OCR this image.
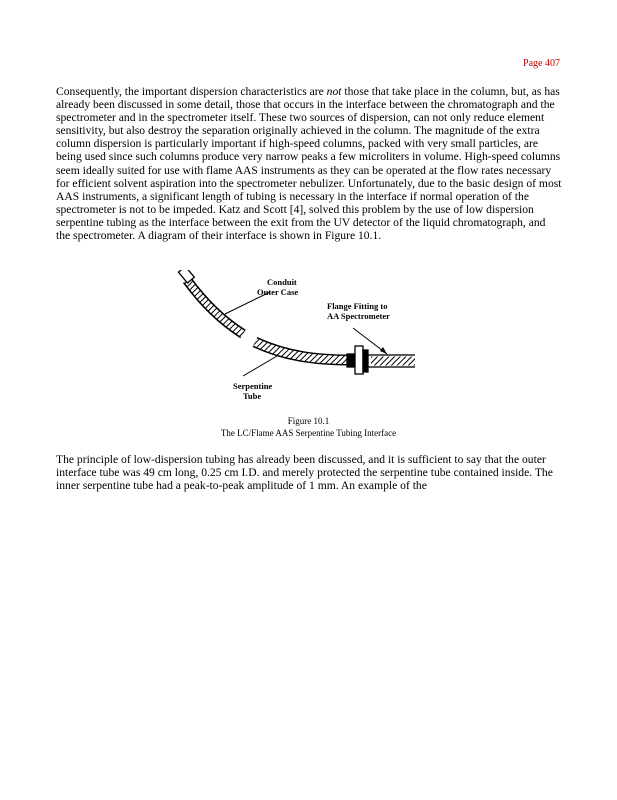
Page 407

Consequently, the important dispersion characteristics are not those that take place in the column, but, as has already been discussed in some detail, those that occurs in the interface between the chromatograph and the spectrometer and in the spectrometer itself. These two sources of dispersion, can not only reduce element sensitivity, but also destroy the separation originally achieved in the column. The magnitude of the extra column dispersion is particularly important if high-speed columns, packed with very small particles, are being used since such columns produce very narrow peaks a few microliters in volume. High-speed columns seem ideally suited for use with flame AAS instruments as they can be operated at the flow rates necessary for efficient solvent aspiration into the spectrometer nebulizer. Unfortunately, due to the basic design of most AAS instruments, a significant length of tubing is necessary in the interface if normal operation of the spectrometer is not to be impeded. Katz and Scott [4], solved this problem by the use of low dispersion serpentine tubing as the interface between the exit from the UV detector of the liquid chromatograph, and the spectrometer. A diagram of their interface is shown in Figure 10.1.

Conduit
Outer Case
Flange Fitting to
AA Spectrometer
Serpentine
Tube
Figure 10.1
The LC/Flame AAS Serpentine Tubing Interface

The principle of low-dispersion tubing has already been discussed, and it is sufficient to say that the outer interface tube was 49 cm long, 0.25 cm I.D. and merely protected the serpentine tube contained inside. The inner serpentine tube had a peak-to-peak amplitude of 1 mm. An example of the
